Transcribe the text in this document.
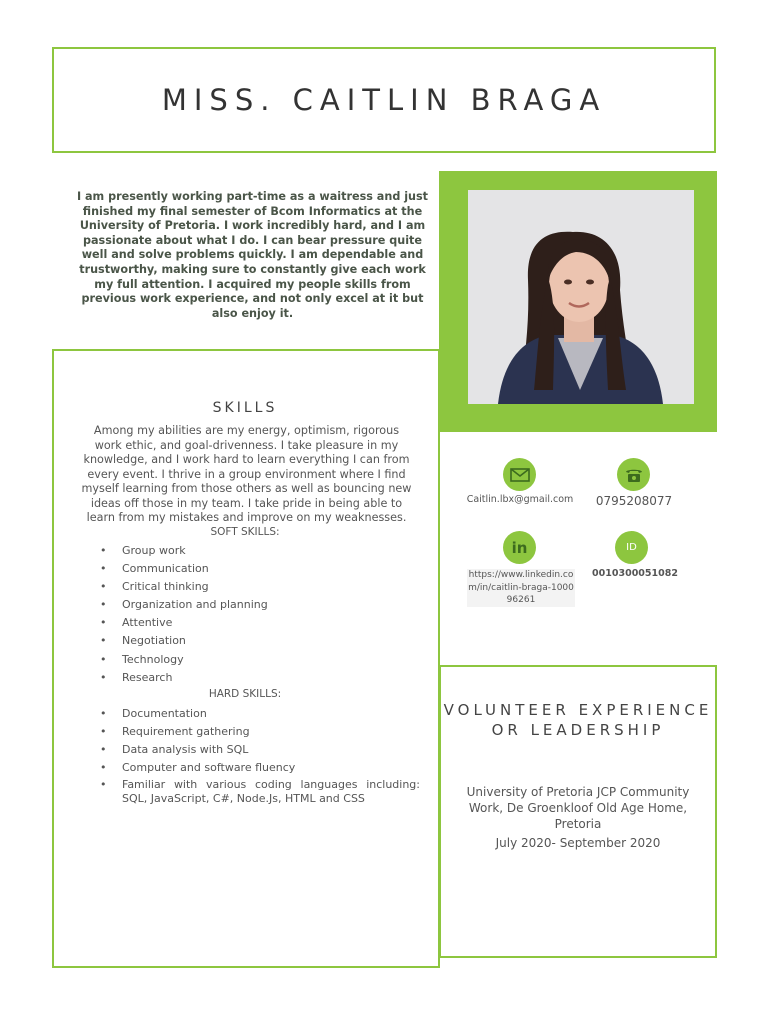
MISS. CAITLIN BRAGA
I am presently working part-time as a waitress and just finished my final semester of Bcom Informatics at the University of Pretoria. I work incredibly hard, and I am passionate about what I do. I can bear pressure quite well and solve problems quickly. I am dependable and trustworthy, making sure to constantly give each work my full attention. I acquired my people skills from previous work experience, and not only excel at it but also enjoy it.
SKILLS
Among my abilities are my energy, optimism, rigorous work ethic, and goal-drivenness. I take pleasure in my knowledge, and I work hard to learn everything I can from every event. I thrive in a group environment where I find myself learning from those others as well as bouncing new ideas off those in my team. I take pride in being able to learn from my mistakes and improve on my weaknesses.
SOFT SKILLS:
• Group work
• Communication
• Critical thinking
• Organization and planning
• Attentive
• Negotiation
• Technology
• Research
HARD SKILLS:
• Documentation
• Requirement gathering
• Data analysis with SQL
• Computer and software fluency
• Familiar with various coding languages including: SQL, JavaScript, C#, Node.Js, HTML and CSS
Caitlin.lbx@gmail.com	0795208077
in
https://www.linkedin.com/in/caitlin-braga-100096261
ID
0010300051082
VOLUNTEER EXPERIENCE OR LEADERSHIP
University of Pretoria JCP Community Work, De Groenkloof Old Age Home, Pretoria
July 2020- September 2020
